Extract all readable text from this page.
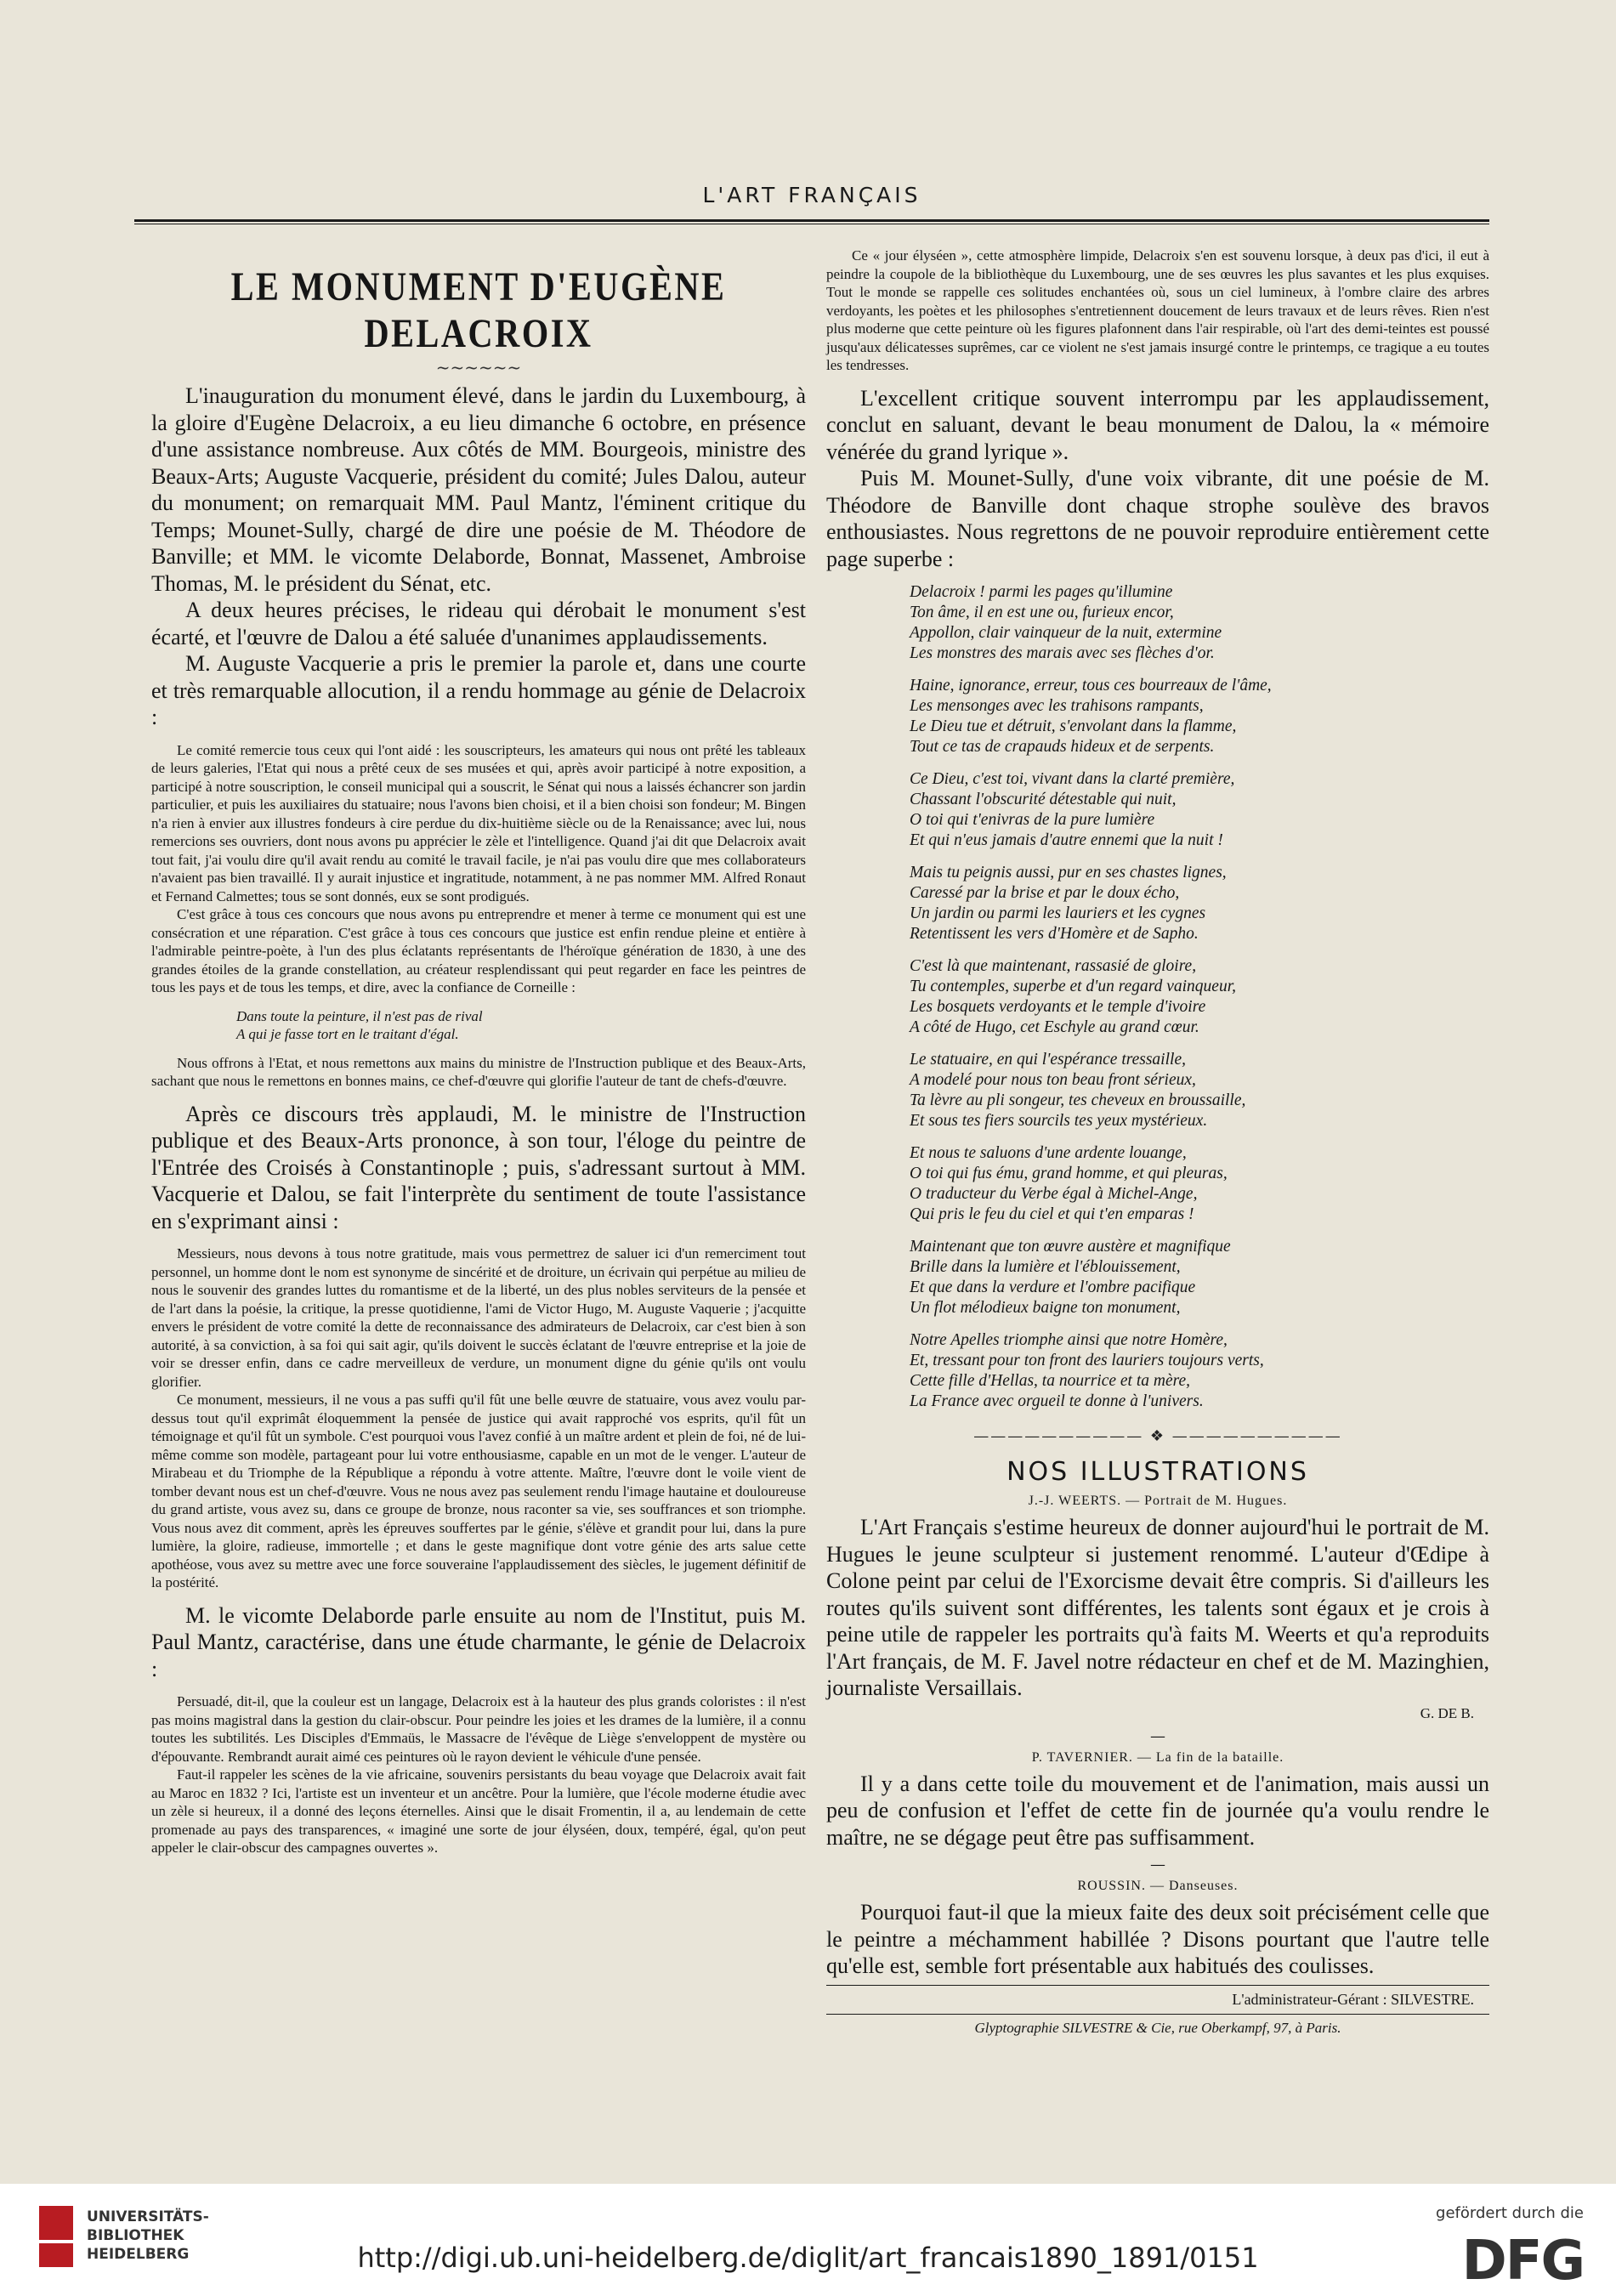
L'ART FRANÇAIS
LE MONUMENT D'EUGÈNE DELACROIX
~~~~~~

L'inauguration du monument élevé, dans le jardin du Luxembourg, à la gloire d'Eugène Delacroix, a eu lieu dimanche 6 octobre, en présence d'une assistance nombreuse. Aux côtés de MM. Bourgeois, ministre des Beaux-Arts; Auguste Vacquerie, président du comité; Jules Dalou, auteur du monument; on remarquait MM. Paul Mantz, l'éminent critique du Temps; Mounet-Sully, chargé de dire une poésie de M. Théodore de Banville; et MM. le vicomte Delaborde, Bonnat, Massenet, Ambroise Thomas, M. le président du Sénat, etc.

A deux heures précises, le rideau qui dérobait le monument s'est écarté, et l'œuvre de Dalou a été saluée d'unanimes applaudissements.

M. Auguste Vacquerie a pris le premier la parole et, dans une courte et très remarquable allocution, il a rendu hommage au génie de Delacroix :

Le comité remercie tous ceux qui l'ont aidé : les souscripteurs, les amateurs qui nous ont prêté les tableaux de leurs galeries, l'Etat qui nous a prêté ceux de ses musées et qui, après avoir participé à notre exposition, a participé à notre souscription, le conseil municipal qui a souscrit, le Sénat qui nous a laissés échancrer son jardin particulier, et puis les auxiliaires du statuaire; nous l'avons bien choisi, et il a bien choisi son fondeur; M. Bingen n'a rien à envier aux illustres fondeurs à cire perdue du dix-huitième siècle ou de la Renaissance; avec lui, nous remercions ses ouvriers, dont nous avons pu apprécier le zèle et l'intelligence. Quand j'ai dit que Delacroix avait tout fait, j'ai voulu dire qu'il avait rendu au comité le travail facile, je n'ai pas voulu dire que mes collaborateurs n'avaient pas bien travaillé. Il y aurait injustice et ingratitude, notamment, à ne pas nommer MM. Alfred Ronaut et Fernand Calmettes; tous se sont donnés, eux se sont prodigués.

C'est grâce à tous ces concours que nous avons pu entreprendre et mener à terme ce monument qui est une consécration et une réparation. C'est grâce à tous ces concours que justice est enfin rendue pleine et entière à l'admirable peintre-poète, à l'un des plus éclatants représentants de l'héroïque génération de 1830, à une des grandes étoiles de la grande constellation, au créateur resplendissant qui peut regarder en face les peintres de tous les pays et de tous les temps, et dire, avec la confiance de Corneille :

Dans toute la peinture, il n'est pas de rival
A qui je fasse tort en le traitant d'égal.

Nous offrons à l'Etat, et nous remettons aux mains du ministre de l'Instruction publique et des Beaux-Arts, sachant que nous le remettons en bonnes mains, ce chef-d'œuvre qui glorifie l'auteur de tant de chefs-d'œuvre.

Après ce discours très applaudi, M. le ministre de l'Instruction publique et des Beaux-Arts prononce, à son tour, l'éloge du peintre de l'Entrée des Croisés à Constantinople ; puis, s'adressant surtout à MM. Vacquerie et Dalou, se fait l'interprète du sentiment de toute l'assistance en s'exprimant ainsi :

Messieurs, nous devons à tous notre gratitude, mais vous permettrez de saluer ici d'un remerciment tout personnel, un homme dont le nom est synonyme de sincérité et de droiture, un écrivain qui perpétue au milieu de nous le souvenir des grandes luttes du romantisme et de la liberté, un des plus nobles serviteurs de la pensée et de l'art dans la poésie, la critique, la presse quotidienne, l'ami de Victor Hugo, M. Auguste Vaquerie ; j'acquitte envers le président de votre comité la dette de reconnaissance des admirateurs de Delacroix, car c'est bien à son autorité, à sa conviction, à sa foi qui sait agir, qu'ils doivent le succès éclatant de l'œuvre entreprise et la joie de voir se dresser enfin, dans ce cadre merveilleux de verdure, un monument digne du génie qu'ils ont voulu glorifier.

Ce monument, messieurs, il ne vous a pas suffi qu'il fût une belle œuvre de statuaire, vous avez voulu par-dessus tout qu'il exprimât éloquemment la pensée de justice qui avait rapproché vos esprits, qu'il fût un témoignage et qu'il fût un symbole. C'est pourquoi vous l'avez confié à un maître ardent et plein de foi, né de lui-même comme son modèle, partageant pour lui votre enthousiasme, capable en un mot de le venger. L'auteur de Mirabeau et du Triomphe de la République a répondu à votre attente. Maître, l'œuvre dont le voile vient de tomber devant nous est un chef-d'œuvre. Vous ne nous avez pas seulement rendu l'image hautaine et douloureuse du grand artiste, vous avez su, dans ce groupe de bronze, nous raconter sa vie, ses souffrances et son triomphe. Vous nous avez dit comment, après les épreuves souffertes par le génie, s'élève et grandit pour lui, dans la pure lumière, la gloire, radieuse, immortelle ; et dans le geste magnifique dont votre génie des arts salue cette apothéose, vous avez su mettre avec une force souveraine l'applaudissement des siècles, le jugement définitif de la postérité.

M. le vicomte Delaborde parle ensuite au nom de l'Institut, puis M. Paul Mantz, caractérise, dans une étude charmante, le génie de Delacroix :

Persuadé, dit-il, que la couleur est un langage, Delacroix est à la hauteur des plus grands coloristes : il n'est pas moins magistral dans la gestion du clair-obscur. Pour peindre les joies et les drames de la lumière, il a connu toutes les subtilités. Les Disciples d'Emmaüs, le Massacre de l'évêque de Liège s'enveloppent de mystère ou d'épouvante. Rembrandt aurait aimé ces peintures où le rayon devient le véhicule d'une pensée.

Faut-il rappeler les scènes de la vie africaine, souvenirs persistants du beau voyage que Delacroix avait fait au Maroc en 1832 ? Ici, l'artiste est un inventeur et un ancêtre. Pour la lumière, que l'école moderne étudie avec un zèle si heureux, il a donné des leçons éternelles. Ainsi que le disait Fromentin, il a, au lendemain de cette promenade au pays des transparences, « imaginé une sorte de jour élyséen, doux, tempéré, égal, qu'on peut appeler le clair-obscur des campagnes ouvertes ».

Ce « jour élyséen », cette atmosphère limpide, Delacroix s'en est souvenu lorsque, à deux pas d'ici, il eut à peindre la coupole de la bibliothèque du Luxembourg, une de ses œuvres les plus savantes et les plus exquises. Tout le monde se rappelle ces solitudes enchantées où, sous un ciel lumineux, à l'ombre claire des arbres verdoyants, les poètes et les philosophes s'entretiennent doucement de leurs travaux et de leurs rêves. Rien n'est plus moderne que cette peinture où les figures plafonnent dans l'air respirable, où l'art des demi-teintes est poussé jusqu'aux délicatesses suprêmes, car ce violent ne s'est jamais insurgé contre le printemps, ce tragique a eu toutes les tendresses.

L'excellent critique souvent interrompu par les applaudissement, conclut en saluant, devant le beau monument de Dalou, la « mémoire vénérée du grand lyrique ».

Puis M. Mounet-Sully, d'une voix vibrante, dit une poésie de M. Théodore de Banville dont chaque strophe soulève des bravos enthousiastes. Nous regrettons de ne pouvoir reproduire entièrement cette page superbe :

Delacroix ! parmi les pages qu'illumine
Ton âme, il en est une ou, furieux encor,
Appollon, clair vainqueur de la nuit, extermine
Les monstres des marais avec ses flèches d'or.
Haine, ignorance, erreur, tous ces bourreaux de l'âme,
Les mensonges avec les trahisons rampants,
Le Dieu tue et détruit, s'envolant dans la flamme,
Tout ce tas de crapauds hideux et de serpents.
Ce Dieu, c'est toi, vivant dans la clarté première,
Chassant l'obscurité détestable qui nuit,
O toi qui t'enivras de la pure lumière
Et qui n'eus jamais d'autre ennemi que la nuit !
Mais tu peignis aussi, pur en ses chastes lignes,
Caressé par la brise et par le doux écho,
Un jardin ou parmi les lauriers et les cygnes
Retentissent les vers d'Homère et de Sapho.
C'est là que maintenant, rassasié de gloire,
Tu contemples, superbe et d'un regard vainqueur,
Les bosquets verdoyants et le temple d'ivoire
A côté de Hugo, cet Eschyle au grand cœur.
Le statuaire, en qui l'espérance tressaille,
A modelé pour nous ton beau front sérieux,
Ta lèvre au pli songeur, tes cheveux en broussaille,
Et sous tes fiers sourcils tes yeux mystérieux.
Et nous te saluons d'une ardente louange,
O toi qui fus ému, grand homme, et qui pleuras,
O traducteur du Verbe égal à Michel-Ange,
Qui pris le feu du ciel et qui t'en emparas !
Maintenant que ton œuvre austère et magnifique
Brille dans la lumière et l'éblouissement,
Et que dans la verdure et l'ombre pacifique
Un flot mélodieux baigne ton monument,
Notre Apelles triomphe ainsi que notre Homère,
Et, tressant pour ton front des lauriers toujours verts,
Cette fille d'Hellas, ta nourrice et ta mère,
La France avec orgueil te donne à l'univers.
—————————— ❖ ——————————
NOS ILLUSTRATIONS
J.-J. WEERTS. — Portrait de M. Hugues.

L'Art Français s'estime heureux de donner aujourd'hui le portrait de M. Hugues le jeune sculpteur si justement renommé. L'auteur d'Œdipe à Colone peint par celui de l'Exorcisme devait être compris. Si d'ailleurs les routes qu'ils suivent sont différentes, les talents sont égaux et je crois à peine utile de rappeler les portraits qu'à faits M. Weerts et qu'a reproduits l'Art français, de M. F. Javel notre rédacteur en chef et de M. Mazinghien, journaliste Versaillais.

G. DE B.
—
P. TAVERNIER. — La fin de la bataille.

Il y a dans cette toile du mouvement et de l'animation, mais aussi un peu de confusion et l'effet de cette fin de journée qu'a voulu rendre le maître, ne se dégage peut être pas suffisamment.

—
ROUSSIN. — Danseuses.

Pourquoi faut-il que la mieux faite des deux soit précisément celle que le peintre a méchamment habillée ? Disons pourtant que l'autre telle qu'elle est, semble fort présentable aux habitués des coulisses.

L'administrateur-Gérant : SILVESTRE.
Glyptographie SILVESTRE & Cie, rue Oberkampf, 97, à Paris.
UNIVERSITÄTS-
BIBLIOTHEK
HEIDELBERG	http://digi.ub.uni-heidelberg.de/diglit/art_francais1890_1891/0151
gefördert durch die
DFG
